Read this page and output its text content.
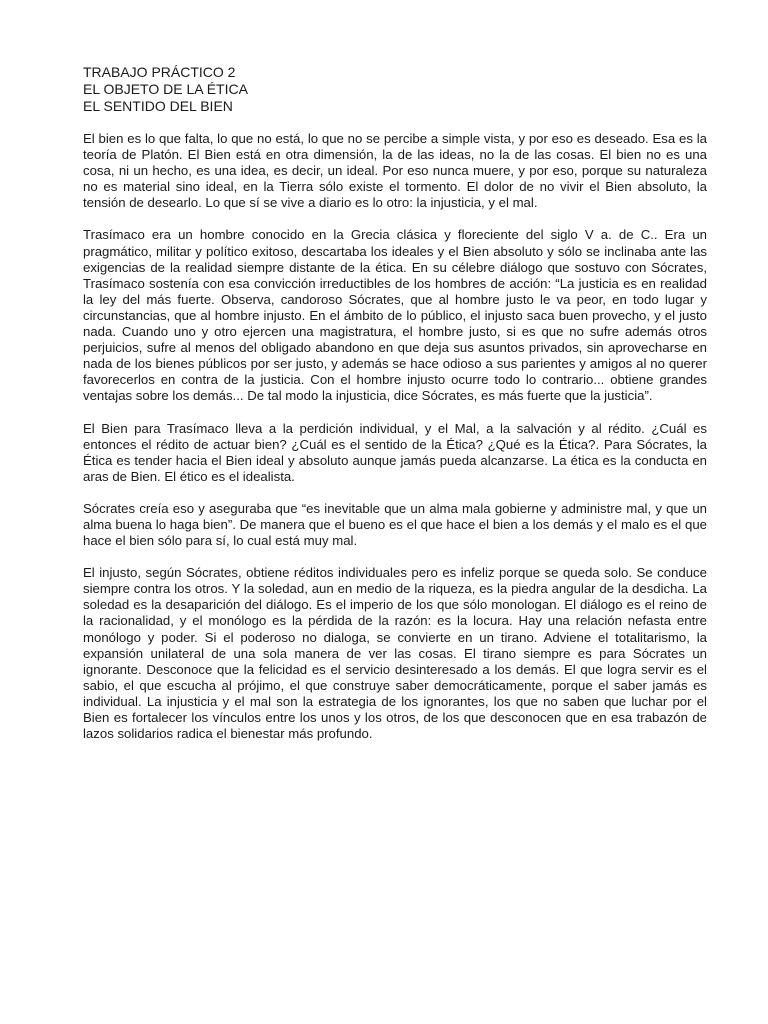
TRABAJO PRÁCTICO 2
EL OBJETO DE LA ÉTICA
EL SENTIDO DEL BIEN

El bien es lo que falta, lo que no está, lo que no se percibe a simple vista, y por eso es deseado. Esa es la teoría de Platón. El Bien está en otra dimensión, la de las ideas, no la de las cosas. El bien no es una cosa, ni un hecho, es una idea, es decir, un ideal. Por eso nunca muere, y por eso, porque su naturaleza no es material sino ideal, en la Tierra sólo existe el tormento. El dolor de no vivir el Bien absoluto, la tensión de desearlo. Lo que sí se vive a diario es lo otro: la injusticia, y el mal.

Trasímaco era un hombre conocido en la Grecia clásica y floreciente del siglo V a. de C.. Era un pragmático, militar y político exitoso, descartaba los ideales y el Bien absoluto y sólo se inclinaba ante las exigencias de la realidad siempre distante de la ética. En su célebre diálogo que sostuvo con Sócrates, Trasímaco sostenía con esa convicción irreductibles de los hombres de acción: “La justicia es en realidad la ley del más fuerte. Observa, candoroso Sócrates, que al hombre justo le va peor, en todo lugar y circunstancias, que al hombre injusto. En el ámbito de lo público, el injusto saca buen provecho, y el justo nada. Cuando uno y otro ejercen una magistratura, el hombre justo, si es que no sufre además otros perjuicios, sufre al menos del obligado abandono en que deja sus asuntos privados, sin aprovecharse en nada de los bienes públicos por ser justo, y además se hace odioso a sus parientes y amigos al no querer favorecerlos en contra de la justicia. Con el hombre injusto ocurre todo lo contrario... obtiene grandes ventajas sobre los demás... De tal modo la injusticia, dice Sócrates, es más fuerte que la justicia”.

El Bien para Trasímaco lleva a la perdición individual, y el Mal, a la salvación y al rédito. ¿Cuál es entonces el rédito de actuar bien? ¿Cuál es el sentido de la Ética? ¿Qué es la Ética?. Para Sócrates, la Ética es tender hacia el Bien ideal y absoluto aunque jamás pueda alcanzarse. La ética es la conducta en aras de Bien. El ético es el idealista.

Sócrates creía eso y aseguraba que “es inevitable que un alma mala gobierne y administre mal, y que un alma buena lo haga bien”. De manera que el bueno es el que hace el bien a los demás y el malo es el que hace el bien sólo para sí, lo cual está muy mal.

El injusto, según Sócrates, obtiene réditos individuales pero es infeliz porque se queda solo. Se conduce siempre contra los otros. Y la soledad, aun en medio de la riqueza, es la piedra angular de la desdicha. La soledad es la desaparición del diálogo. Es el imperio de los que sólo monologan. El diálogo es el reino de la racionalidad, y el monólogo es la pérdida de la razón: es la locura. Hay una relación nefasta entre monólogo y poder. Si el poderoso no dialoga, se convierte en un tirano. Adviene el totalitarismo, la expansión unilateral de una sola manera de ver las cosas. El tirano siempre es para Sócrates un ignorante. Desconoce que la felicidad es el servicio desinteresado a los demás. El que logra servir es el sabio, el que escucha al prójimo, el que construye saber democráticamente, porque el saber jamás es individual. La injusticia y el mal son la estrategia de los ignorantes, los que no saben que luchar por el Bien es fortalecer los vínculos entre los unos y los otros, de los que desconocen que en esa trabazón de lazos solidarios radica el bienestar más profundo.
